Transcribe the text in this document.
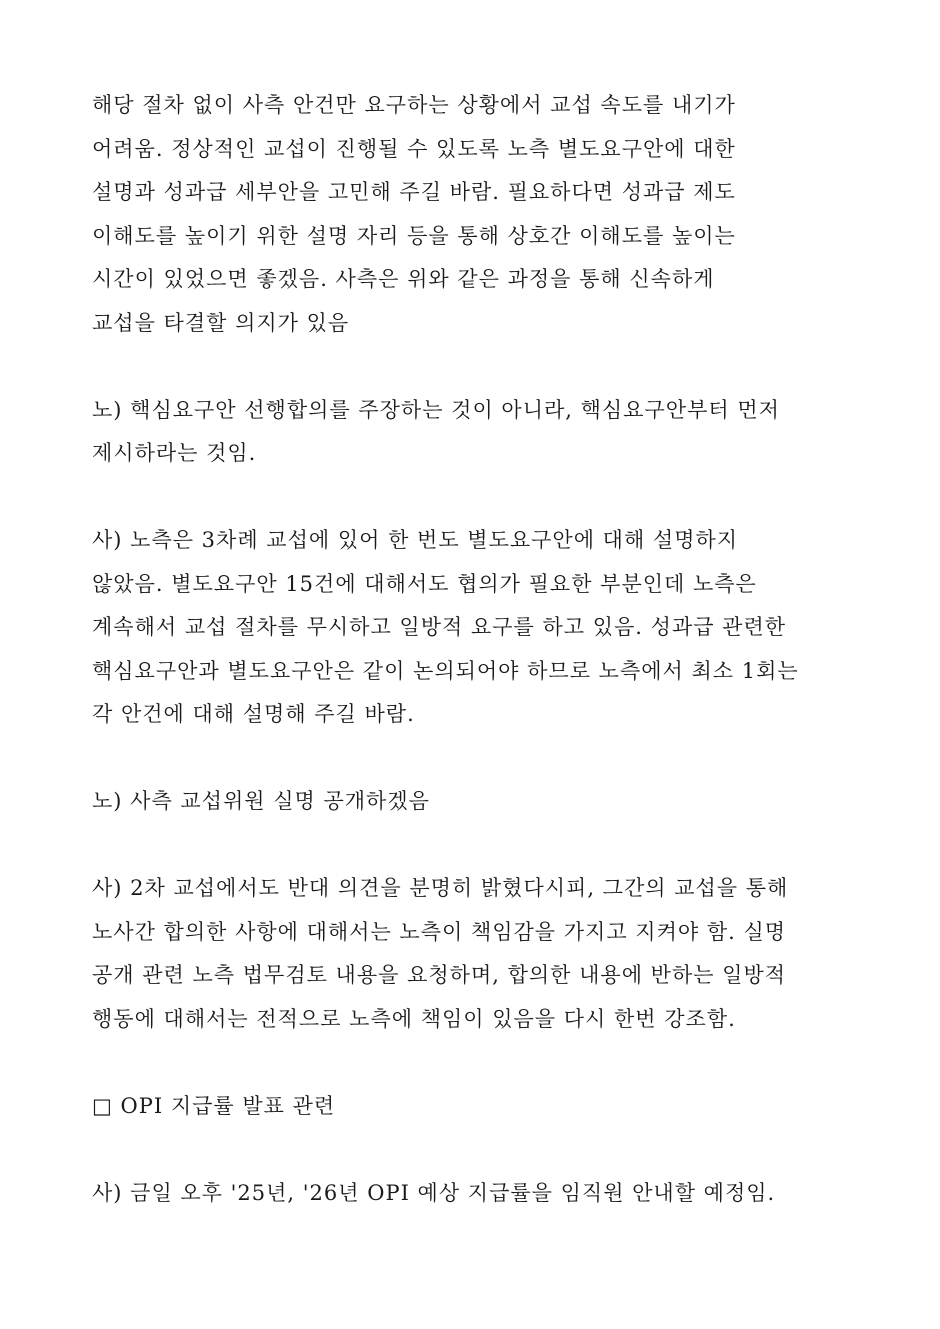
해당 절차 없이 사측 안건만 요구하는 상황에서 교섭 속도를 내기가
어려움. 정상적인 교섭이 진행될 수 있도록 노측 별도요구안에 대한
설명과 성과급 세부안을 고민해 주길 바람. 필요하다면 성과급 제도
이해도를 높이기 위한 설명 자리 등을 통해 상호간 이해도를 높이는
시간이 있었으면 좋겠음. 사측은 위와 같은 과정을 통해 신속하게
교섭을 타결할 의지가 있음
노) 핵심요구안 선행합의를 주장하는 것이 아니라, 핵심요구안부터 먼저
제시하라는 것임.
사) 노측은 3차례 교섭에 있어 한 번도 별도요구안에 대해 설명하지
않았음. 별도요구안 15건에 대해서도 협의가 필요한 부분인데 노측은
계속해서 교섭 절차를 무시하고 일방적 요구를 하고 있음. 성과급 관련한
핵심요구안과 별도요구안은 같이 논의되어야 하므로 노측에서 최소 1회는
각 안건에 대해 설명해 주길 바람.
노) 사측 교섭위원 실명 공개하겠음
사) 2차 교섭에서도 반대 의견을 분명히 밝혔다시피, 그간의 교섭을 통해
노사간 합의한 사항에 대해서는 노측이 책임감을 가지고 지켜야 함. 실명
공개 관련 노측 법무검토 내용을 요청하며, 합의한 내용에 반하는 일방적
행동에 대해서는 전적으로 노측에 책임이 있음을 다시 한번 강조함.
□ OPI 지급률 발표 관련
사) 금일 오후 '25년, '26년 OPI 예상 지급률을 임직원 안내할 예정임.
